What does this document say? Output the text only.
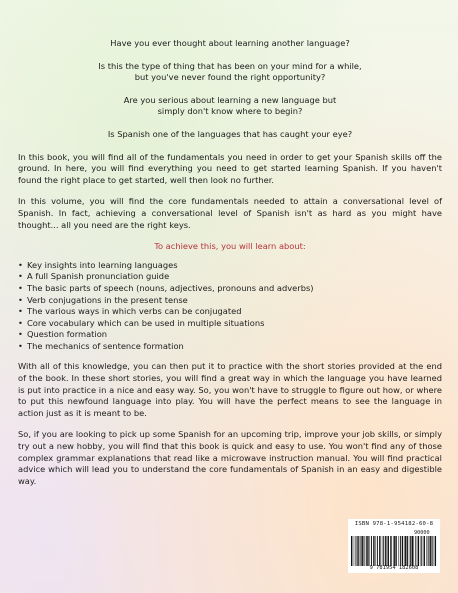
Have you ever thought about learning another language?

Is this the type of thing that has been on your mind for a while,
but you've never found the right opportunity?

Are you serious about learning a new language but
simply don't know where to begin?

Is Spanish one of the languages that has caught your eye?

In this book, you will find all of the fundamentals you need in order to get your Spanish skills off the ground. In here, you will find everything you need to get started learning Spanish. If you haven't found the right place to get started, well then look no further.

In this volume, you will find the core fundamentals needed to attain a conversational level of Spanish. In fact, achieving a conversational level of Spanish isn't as hard as you might have thought... all you need are the right keys.

To achieve this, you will learn about:

• Key insights into learning languages
• A full Spanish pronunciation guide
• The basic parts of speech (nouns, adjectives, pronouns and adverbs)
• Verb conjugations in the present tense
• The various ways in which verbs can be conjugated
• Core vocabulary which can be used in multiple situations
• Question formation
• The mechanics of sentence formation

With all of this knowledge, you can then put it to practice with the short stories provided at the end of the book. In these short stories, you will find a great way in which the language you have learned is put into practice in a nice and easy way. So, you won't have to struggle to figure out how, or where to put this newfound language into play. You will have the perfect means to see the language in action just as it is meant to be.

So, if you are looking to pick up some Spanish for an upcoming trip, improve your job skills, or simply try out a new hobby, you will find that this book is quick and easy to use. You won't find any of those complex grammar explanations that read like a microwave instruction manual. You will find practical advice which will lead you to understand the core fundamentals of Spanish in an easy and digestible way.

ISBN 978-1-954182-60-8
90000
9 781954 182608
